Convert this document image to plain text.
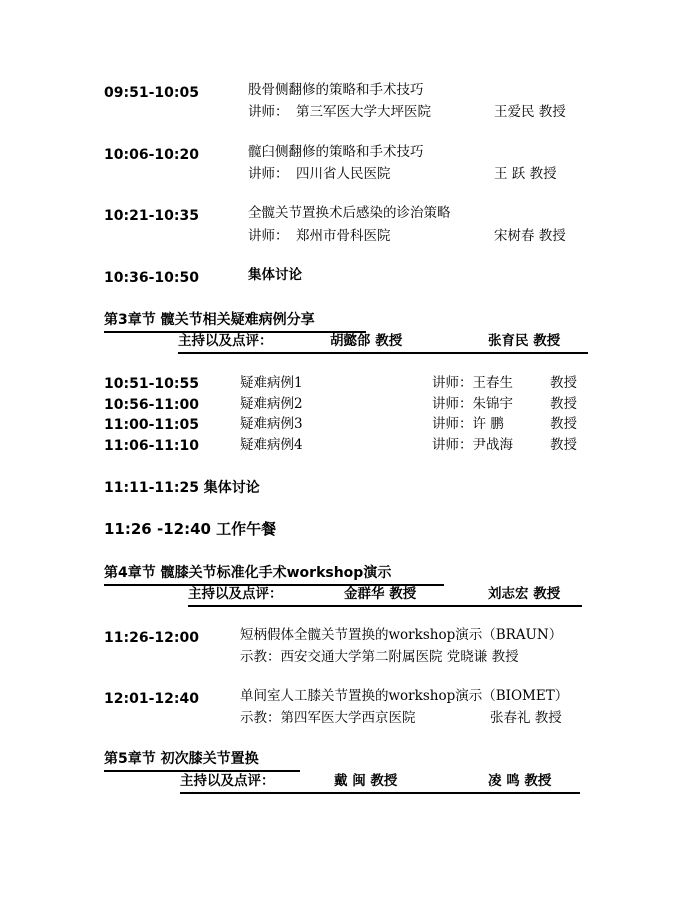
09:51-10:05	股骨侧翻修的策略和手术技巧
讲师： 第三军医大学大坪医院	王爱民 教授
10:06-10:20	髋臼侧翻修的策略和手术技巧
讲师： 四川省人民医院	王 跃 教授
10:21-10:35	全髋关节置换术后感染的诊治策略
讲师： 郑州市骨科医院	宋树春 教授
10:36-10:50	集体讨论
第3章节 髋关节相关疑难病例分享
主持以及点评：	胡懿郃 教授	张育民 教授
10:51-10:55	疑难病例1	讲师：王春生	教授
10:56-11:00	疑难病例2	讲师：朱锦宇	教授
11:00-11:05	疑难病例3	讲师：许 鹏	教授
11:06-11:10	疑难病例4	讲师：尹战海	教授
11:11-11:25 集体讨论
11:26 -12:40 工作午餐
第4章节 髋膝关节标准化手术workshop演示
主持以及点评：	金群华 教授	刘志宏 教授
11:26-12:00	短柄假体全髋关节置换的workshop演示（BRAUN）
示教：西安交通大学第二附属医院 党晓谦 教授
12:01-12:40	单间室人工膝关节置换的workshop演示（BIOMET）
示教：第四军医大学西京医院	张春礼 教授
第5章节 初次膝关节置换
主持以及点评：	戴 闽 教授	凌 鸣 教授
